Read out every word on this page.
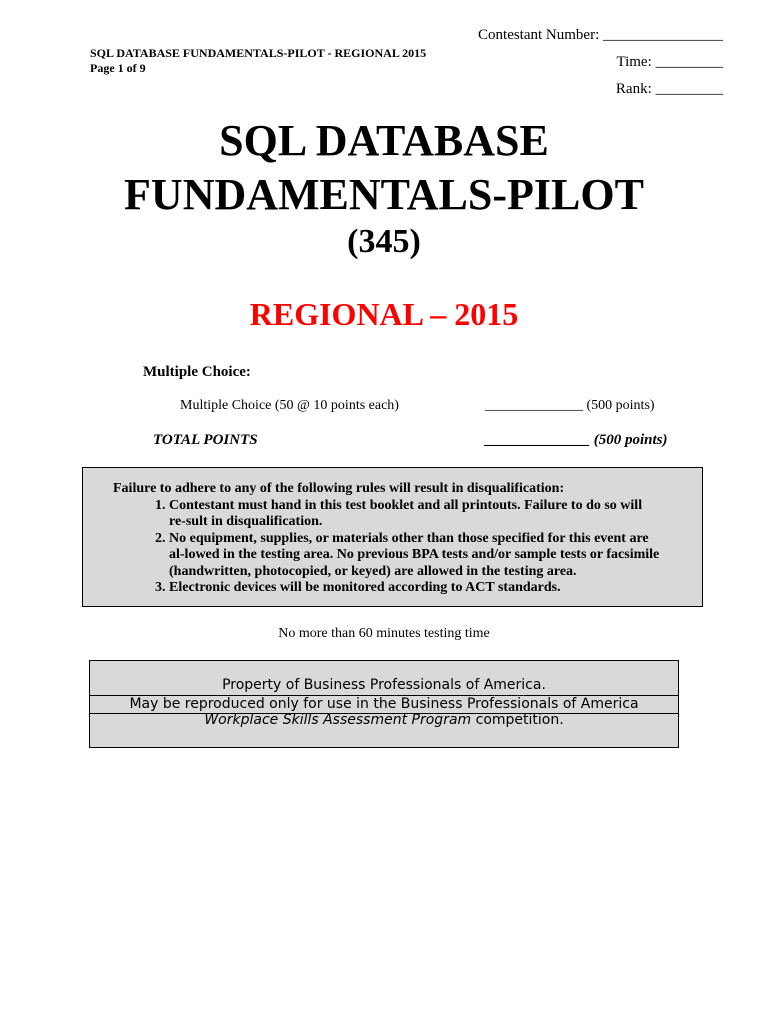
SQL DATABASE FUNDAMENTALS-PILOT - REGIONAL 2015
Page 1 of 9
Contestant Number: ________________
Time: _________
Rank: _________
SQL DATABASE
FUNDAMENTALS-PILOT
(345)
REGIONAL – 2015
Multiple Choice:
Multiple Choice (50 @ 10 points each)	______________ (500 points)
TOTAL POINTS	______________ (500 points)
Failure to adhere to any of the following rules will result in disqualification:
1. Contestant must hand in this test booklet and all printouts. Failure to do so will re-sult in disqualification.
2. No equipment, supplies, or materials other than those specified for this event are al-lowed in the testing area. No previous BPA tests and/or sample tests or facsimile (handwritten, photocopied, or keyed) are allowed in the testing area.
3. Electronic devices will be monitored according to ACT standards.
No more than 60 minutes testing time
Property of Business Professionals of America.
May be reproduced only for use in the Business Professionals of America
Workplace Skills Assessment Program competition.
